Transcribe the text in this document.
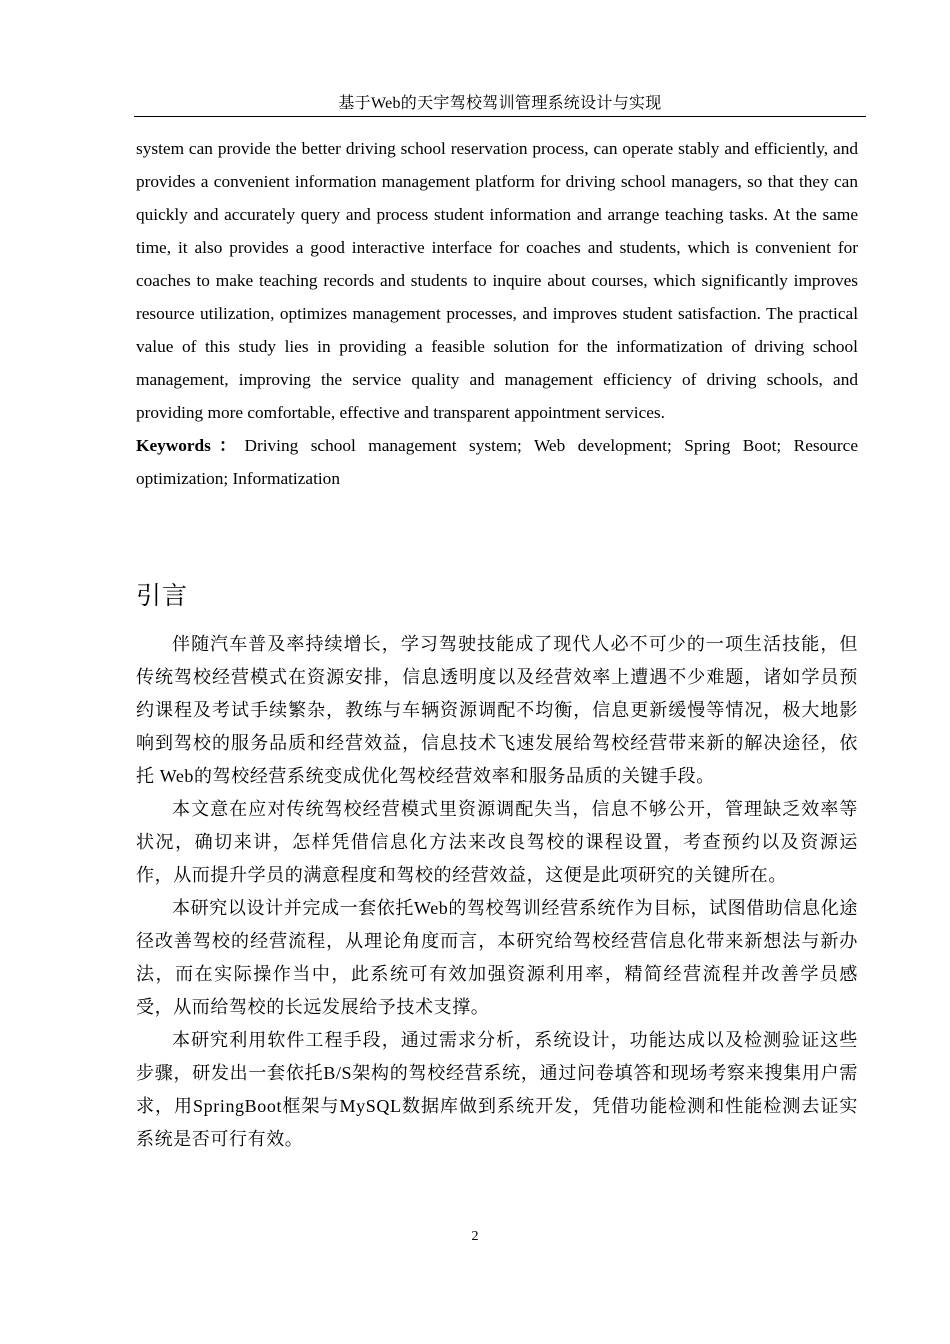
基于Web的天宇驾校驾训管理系统设计与实现

system can provide the better driving school reservation process, can operate stably and efficiently, and provides a convenient information management platform for driving school managers, so that they can quickly and accurately query and process student information and arrange teaching tasks. At the same time, it also provides a good interactive interface for coaches and students, which is convenient for coaches to make teaching records and students to inquire about courses, which significantly improves resource utilization, optimizes management processes, and improves student satisfaction. The practical value of this study lies in providing a feasible solution for the informatization of driving school management, improving the service quality and management efficiency of driving schools, and providing more comfortable, effective and transparent appointment services.

Keywords：Driving school management system; Web development; Spring Boot; Resource optimization; Informatization

引言

伴随汽车普及率持续增长，学习驾驶技能成了现代人必不可少的一项生活技能，但传统驾校经营模式在资源安排，信息透明度以及经营效率上遭遇不少难题，诸如学员预约课程及考试手续繁杂，教练与车辆资源调配不均衡，信息更新缓慢等情况，极大地影响到驾校的服务品质和经营效益，信息技术飞速发展给驾校经营带来新的解决途径，依托 Web的驾校经营系统变成优化驾校经营效率和服务品质的关键手段。

本文意在应对传统驾校经营模式里资源调配失当，信息不够公开，管理缺乏效率等状况，确切来讲，怎样凭借信息化方法来改良驾校的课程设置，考查预约以及资源运作，从而提升学员的满意程度和驾校的经营效益，这便是此项研究的关键所在。

本研究以设计并完成一套依托Web的驾校驾训经营系统作为目标，试图借助信息化途径改善驾校的经营流程，从理论角度而言，本研究给驾校经营信息化带来新想法与新办法，而在实际操作当中，此系统可有效加强资源利用率，精简经营流程并改善学员感受，从而给驾校的长远发展给予技术支撑。

本研究利用软件工程手段，通过需求分析，系统设计，功能达成以及检测验证这些步骤，研发出一套依托B/S架构的驾校经营系统，通过问卷填答和现场考察来搜集用户需求，用SpringBoot框架与MySQL数据库做到系统开发，凭借功能检测和性能检测去证实系统是否可行有效。

2
